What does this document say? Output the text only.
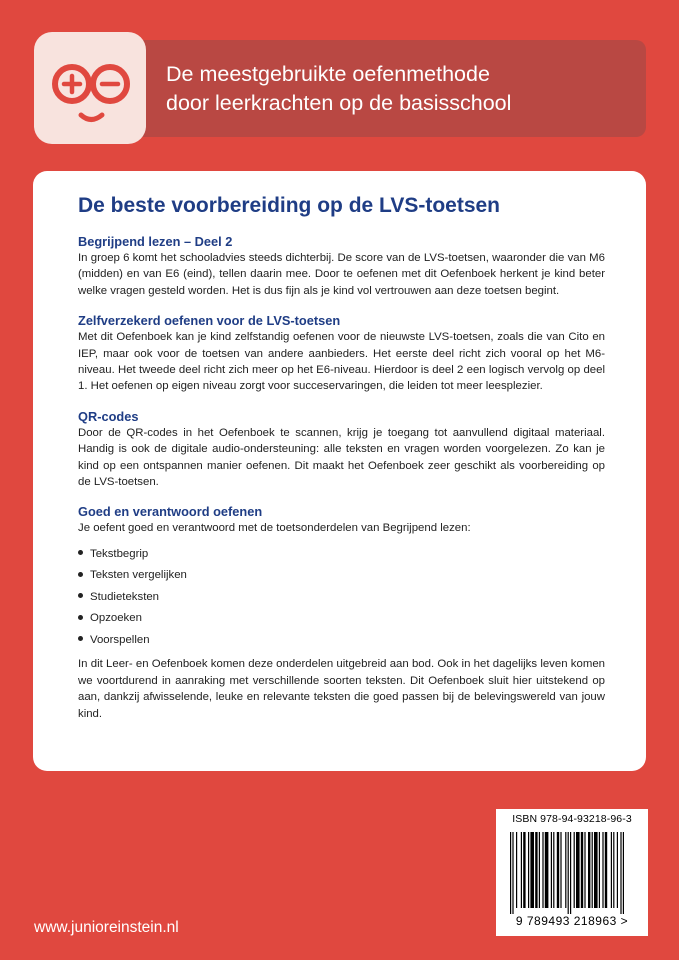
De meestgebruikte oefenmethode
door leerkrachten op de basisschool
De beste voorbereiding op de LVS-toetsen
Begrijpend lezen – Deel 2

In groep 6 komt het schooladvies steeds dichterbij. De score van de LVS-toetsen, waaronder die van M6 (midden) en van E6 (eind), tellen daarin mee. Door te oefenen met dit Oefenboek herkent je kind beter welke vragen gesteld worden. Het is dus fijn als je kind vol vertrouwen aan deze toetsen begint.

Zelfverzekerd oefenen voor de LVS-toetsen

Met dit Oefenboek kan je kind zelfstandig oefenen voor de nieuwste LVS-toetsen, zoals die van Cito en IEP, maar ook voor de toetsen van andere aanbieders. Het eerste deel richt zich vooral op het M6-niveau. Het tweede deel richt zich meer op het E6-niveau. Hierdoor is deel 2 een logisch vervolg op deel 1. Het oefenen op eigen niveau zorgt voor succeservaringen, die leiden tot meer leesplezier.

QR-codes

Door de QR-codes in het Oefenboek te scannen, krijg je toegang tot aanvullend digitaal materiaal. Handig is ook de digitale audio-ondersteuning: alle teksten en vragen worden voorgelezen. Zo kan je kind op een ontspannen manier oefenen. Dit maakt het Oefenboek zeer geschikt als voorbereiding op de LVS-toetsen.

Goed en verantwoord oefenen

Je oefent goed en verantwoord met de toetsonderdelen van Begrijpend lezen:

Tekstbegrip
Teksten vergelijken
Studieteksten
Opzoeken
Voorspellen

In dit Leer- en Oefenboek komen deze onderdelen uitgebreid aan bod. Ook in het dagelijks leven komen we voortdurend in aanraking met verschillende soorten teksten. Dit Oefenboek sluit hier uitstekend op aan, dankzij afwisselende, leuke en relevante teksten die goed passen bij de belevingswereld van jouw kind.

www.junioreinstein.nl
ISBN 978-94-93218-96-3
9 789493 218963 >
